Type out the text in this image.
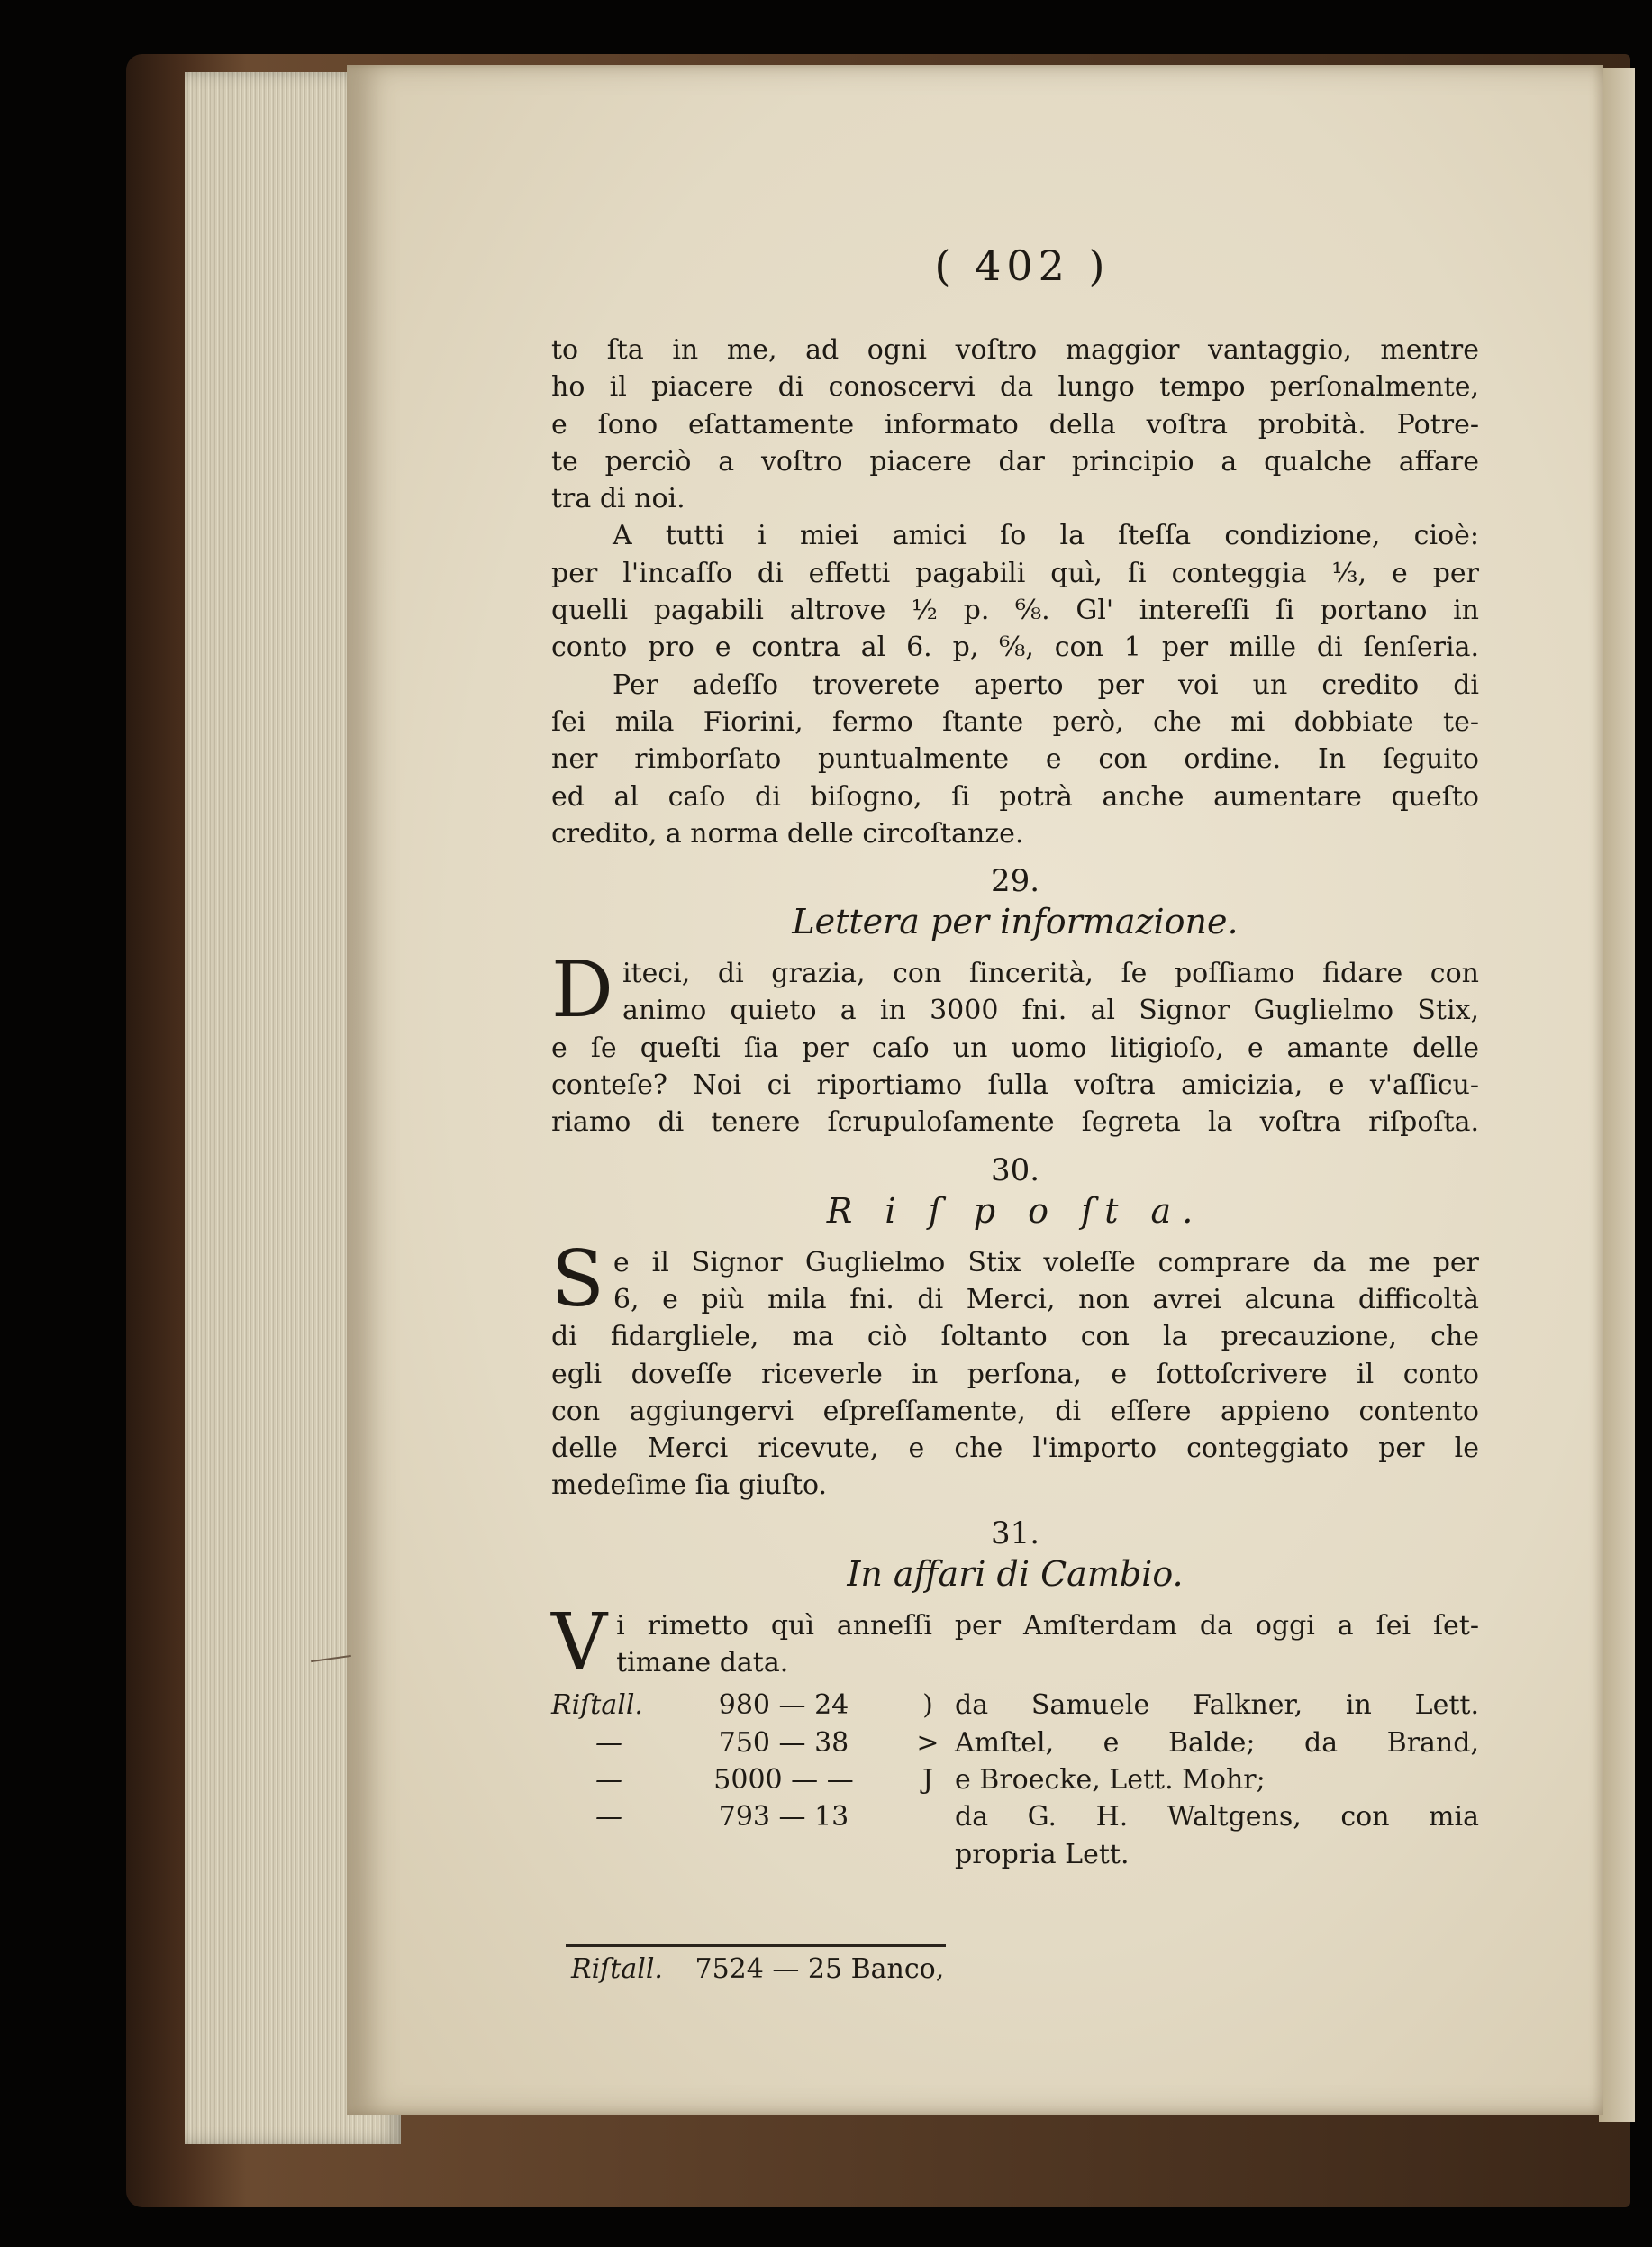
( 402 )

to ſta in me, ad ogni voſtro maggior vantaggio, mentre

ho il piacere di conoscervi da lungo tempo perſonalmente,

e ſono eſattamente informato della voſtra probità. Potre-

te perciò a voſtro piacere dar principio a qualche affare

tra di noi.

A tutti i miei amici ſo la ſteſſa condizione, cioè:

per l'incaſſo di effetti pagabili quì, ſi conteggia ⅓, e per

quelli pagabili altrove ½ p. ⁶⁄₈. Gl' intereſſi ſi portano in

conto pro e contra al 6. p, ⁶⁄₈, con 1 per mille di ſenſeria.

Per adeſſo troverete aperto per voi un credito di

ſei mila Fiorini, fermo ſtante però, che mi dobbiate te-

ner rimborſato puntualmente e con ordine. In ſeguito

ed al caſo di biſogno, ſi potrà anche aumentare queſto

credito, a norma delle circoſtanze.

29.
Lettera per informazione.
D iteci, di grazia, con ſincerità, ſe poſſiamo fidare con

animo quieto a in 3000 fni. al Signor Guglielmo Stix,

e ſe queſti ſia per caſo un uomo litigioſo, e amante delle

conteſe? Noi ci riportiamo ſulla voſtra amicizia, e v'aſſicu-

riamo di tenere ſcrupuloſamente ſegreta la voſtra riſpoſta.

30.
R i ſ p o ſt a.
S e il Signor Guglielmo Stix voleſſe comprare da me per

6, e più mila fni. di Merci, non avrei alcuna difficoltà

di fidargliele, ma ciò ſoltanto con la precauzione, che

egli doveſſe riceverle in perſona, e ſottoſcrivere il conto

con aggiungervi eſpreſſamente, di eſſere appieno contento

delle Merci ricevute, e che l'importo conteggiato per le

medeſime ſia giuſto.

31.
In affari di Cambio.
V i rimetto quì anneſſi per Amſterdam da oggi a ſei ſet-

timane data.

Riſtall.	980 — 24	) da Samuele Falkner, in Lett.
—	750 — 38	> Amſtel, e Balde; da Brand,
—	5000 — —	J e Broecke, Lett. Mohr;
—	793 — 13	da G. H. Waltgens, con mia
propria Lett.
Riſtall. 7524 — 25 Banco,
